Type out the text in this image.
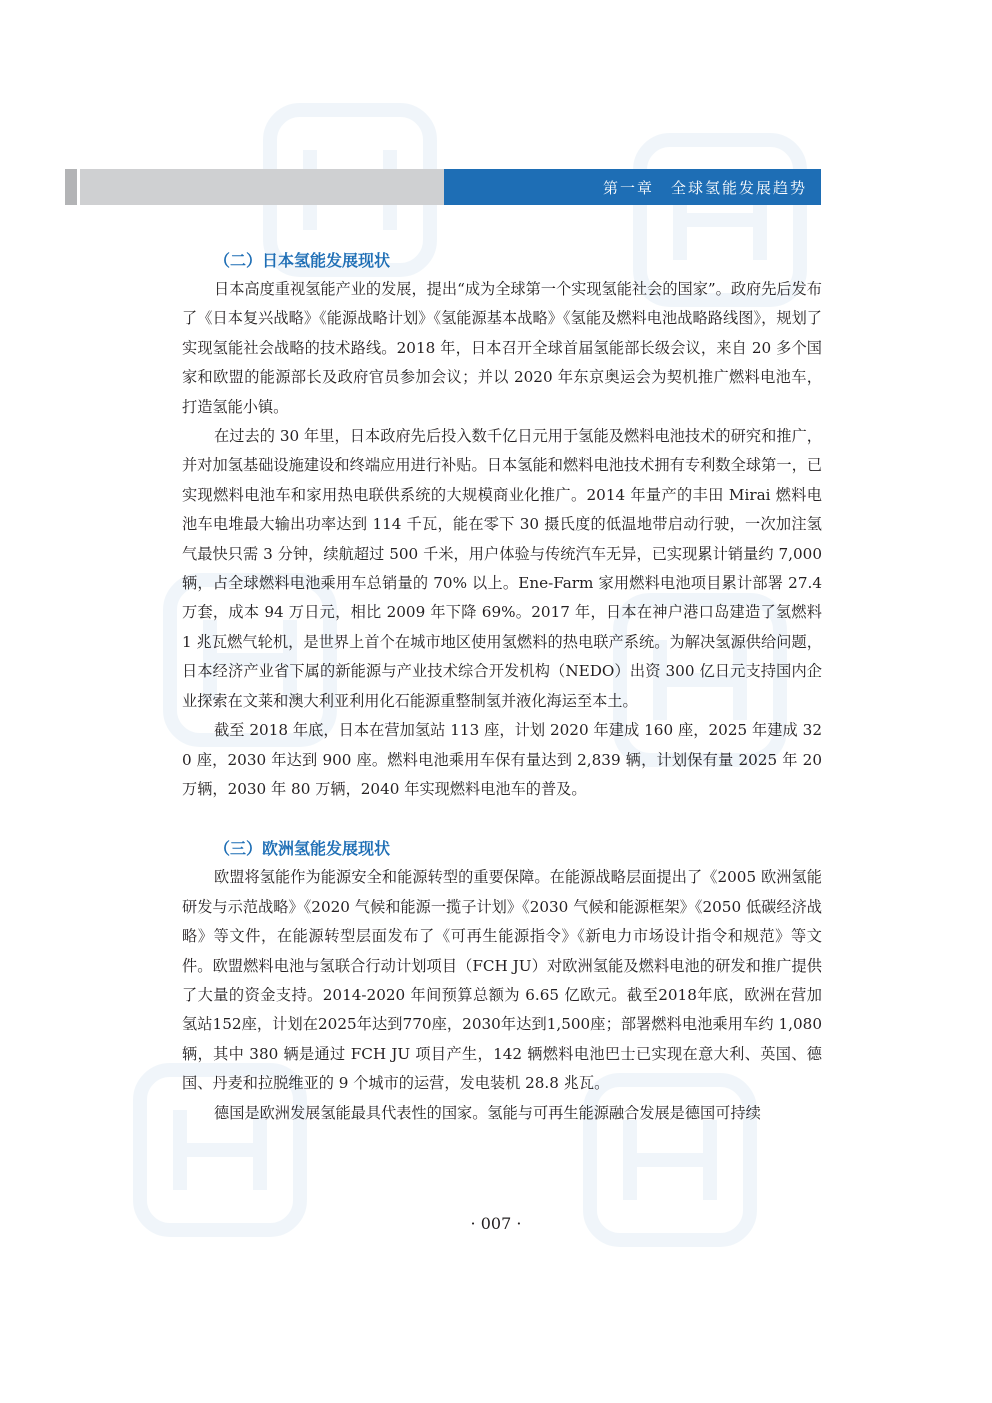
第一章　全球氢能发展趋势
（二）日本氢能发展现状

日本高度重视氢能产业的发展，提出“成为全球第一个实现氢能社会的国家”。政府先后发布了《日本复兴战略》《能源战略计划》《氢能源基本战略》《氢能及燃料电池战略路线图》，规划了实现氢能社会战略的技术路线。2018 年，日本召开全球首届氢能部长级会议，来自 20 多个国家和欧盟的能源部长及政府官员参加会议；并以 2020 年东京奥运会为契机推广燃料电池车，打造氢能小镇。

在过去的 30 年里，日本政府先后投入数千亿日元用于氢能及燃料电池技术的研究和推广，并对加氢基础设施建设和终端应用进行补贴。日本氢能和燃料电池技术拥有专利数全球第一，已实现燃料电池车和家用热电联供系统的大规模商业化推广。2014 年量产的丰田 Mirai 燃料电池车电堆最大输出功率达到 114 千瓦，能在零下 30 摄氏度的低温地带启动行驶，一次加注氢气最快只需 3 分钟，续航超过 500 千米，用户体验与传统汽车无异，已实现累计销量约 7,000 辆，占全球燃料电池乘用车总销量的 70% 以上。Ene-Farm 家用燃料电池项目累计部署 27.4 万套，成本 94 万日元，相比 2009 年下降 69%。2017 年，日本在神户港口岛建造了氢燃料 1 兆瓦燃气轮机，是世界上首个在城市地区使用氢燃料的热电联产系统。为解决氢源供给问题，日本经济产业省下属的新能源与产业技术综合开发机构（NEDO）出资 300 亿日元支持国内企业探索在文莱和澳大利亚利用化石能源重整制氢并液化海运至本土。

截至 2018 年底，日本在营加氢站 113 座，计划 2020 年建成 160 座，2025 年建成 320 座，2030 年达到 900 座。燃料电池乘用车保有量达到 2,839 辆，计划保有量 2025 年 20 万辆，2030 年 80 万辆，2040 年实现燃料电池车的普及。

（三）欧洲氢能发展现状

欧盟将氢能作为能源安全和能源转型的重要保障。在能源战略层面提出了《2005 欧洲氢能研发与示范战略》《2020 气候和能源一揽子计划》《2030 气候和能源框架》《2050 低碳经济战略》等文件，在能源转型层面发布了《可再生能源指令》《新电力市场设计指令和规范》等文件。欧盟燃料电池与氢联合行动计划项目（FCH JU）对欧洲氢能及燃料电池的研发和推广提供了大量的资金支持。2014-2020 年间预算总额为 6.65 亿欧元。截至2018年底，欧洲在营加氢站152座，计划在2025年达到770座，2030年达到1,500座；部署燃料电池乘用车约 1,080 辆，其中 380 辆是通过 FCH JU 项目产生，142 辆燃料电池巴士已实现在意大利、英国、德国、丹麦和拉脱维亚的 9 个城市的运营，发电装机 28.8 兆瓦。

德国是欧洲发展氢能最具代表性的国家。氢能与可再生能源融合发展是德国可持续

· 007 ·
